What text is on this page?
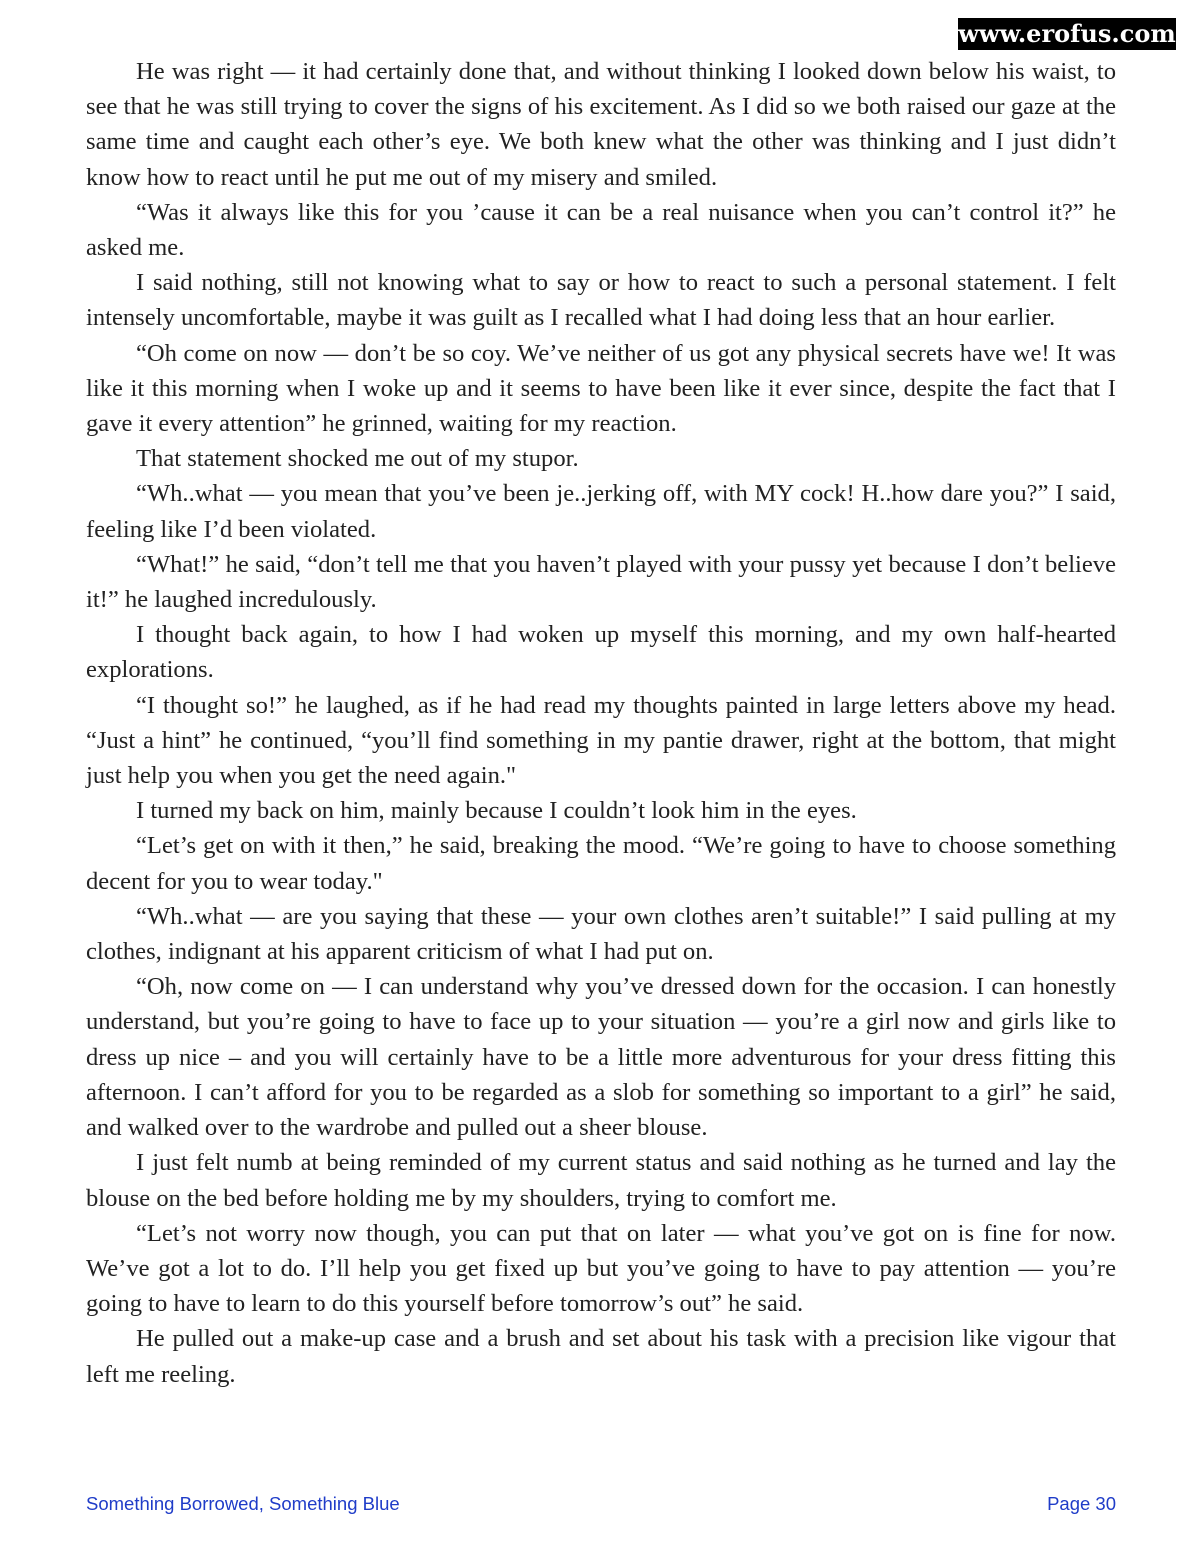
www.erofus.com

He was right — it had certainly done that, and without thinking I looked down below his waist, to see that he was still trying to cover the signs of his excitement. As I did so we both raised our gaze at the same time and caught each other’s eye. We both knew what the other was thinking and I just didn’t know how to react until he put me out of my misery and smiled.

“Was it always like this for you ’cause it can be a real nuisance when you can’t control it?” he asked me.

I said nothing, still not knowing what to say or how to react to such a personal statement. I felt intensely uncomfortable, maybe it was guilt as I recalled what I had doing less that an hour earlier.

“Oh come on now — don’t be so coy. We’ve neither of us got any physical secrets have we! It was like it this morning when I woke up and it seems to have been like it ever since, despite the fact that I gave it every attention” he grinned, waiting for my reaction.

That statement shocked me out of my stupor.

“Wh..what — you mean that you’ve been je..jerking off, with MY cock! H..how dare you?” I said, feeling like I’d been violated.

“What!” he said, “don’t tell me that you haven’t played with your pussy yet because I don’t believe it!” he laughed incredulously.

I thought back again, to how I had woken up myself this morning, and my own half-hearted explorations.

“I thought so!” he laughed, as if he had read my thoughts painted in large letters above my head. “Just a hint” he continued, “you’ll find something in my pantie drawer, right at the bottom, that might just help you when you get the need again."

I turned my back on him, mainly because I couldn’t look him in the eyes.

“Let’s get on with it then,” he said, breaking the mood. “We’re going to have to choose something decent for you to wear today."

“Wh..what — are you saying that these — your own clothes aren’t suitable!” I said pulling at my clothes, indignant at his apparent criticism of what I had put on.

“Oh, now come on — I can understand why you’ve dressed down for the occasion. I can honestly understand, but you’re going to have to face up to your situation — you’re a girl now and girls like to dress up nice – and you will certainly have to be a little more adventurous for your dress fitting this afternoon. I can’t afford for you to be regarded as a slob for something so important to a girl” he said, and walked over to the wardrobe and pulled out a sheer blouse.

I just felt numb at being reminded of my current status and said nothing as he turned and lay the blouse on the bed before holding me by my shoulders, trying to comfort me.

“Let’s not worry now though, you can put that on later — what you’ve got on is fine for now. We’ve got a lot to do. I’ll help you get fixed up but you’ve going to have to pay attention — you’re going to have to learn to do this yourself before tomorrow’s out” he said.

He pulled out a make-up case and a brush and set about his task with a precision like vigour that left me reeling.

Something Borrowed, Something Blue	Page 30
